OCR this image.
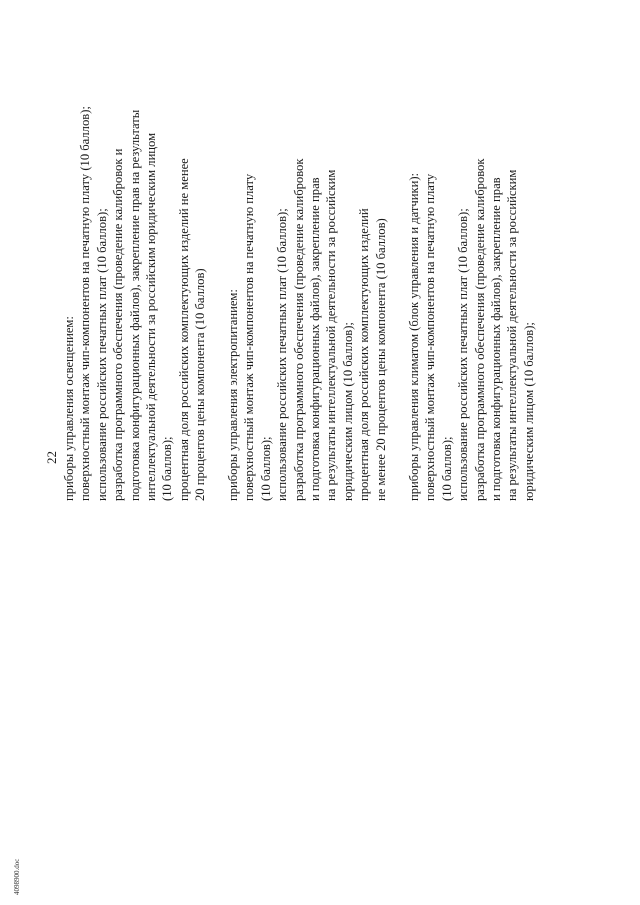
22 приборы управления освещением: поверхностный монтаж чип-компонентов на печатную плату (10 баллов); использование российских печатных плат (10 баллов); разработка программного обеспечения (проведение калибровок и подготовка конфигурационных файлов), закрепление прав на результаты интеллектуальной деятельности за российским юридическим лицом (10 баллов); процентная доля российских комплектующих изделий не менее 20 процентов цены компонента (10 баллов) приборы управления электропитанием: поверхностный монтаж чип-компонентов на печатную плату (10 баллов); использование российских печатных плат (10 баллов); разработка программного обеспечения (проведение калибровок и подготовка конфигурационных файлов), закрепление прав на результаты интеллектуальной деятельности за российским юридическим лицом (10 баллов); процентная доля российских комплектующих изделий не менее 20 процентов цены компонента (10 баллов) приборы управления климатом (блок управления и датчики): поверхностный монтаж чип-компонентов на печатную плату (10 баллов); использование российских печатных плат (10 баллов); разработка программного обеспечения (проведение калибровок и подготовка конфигурационных файлов), закрепление прав на результаты интеллектуальной деятельности за российским юридическим лицом (10 баллов);
4098900.doc
